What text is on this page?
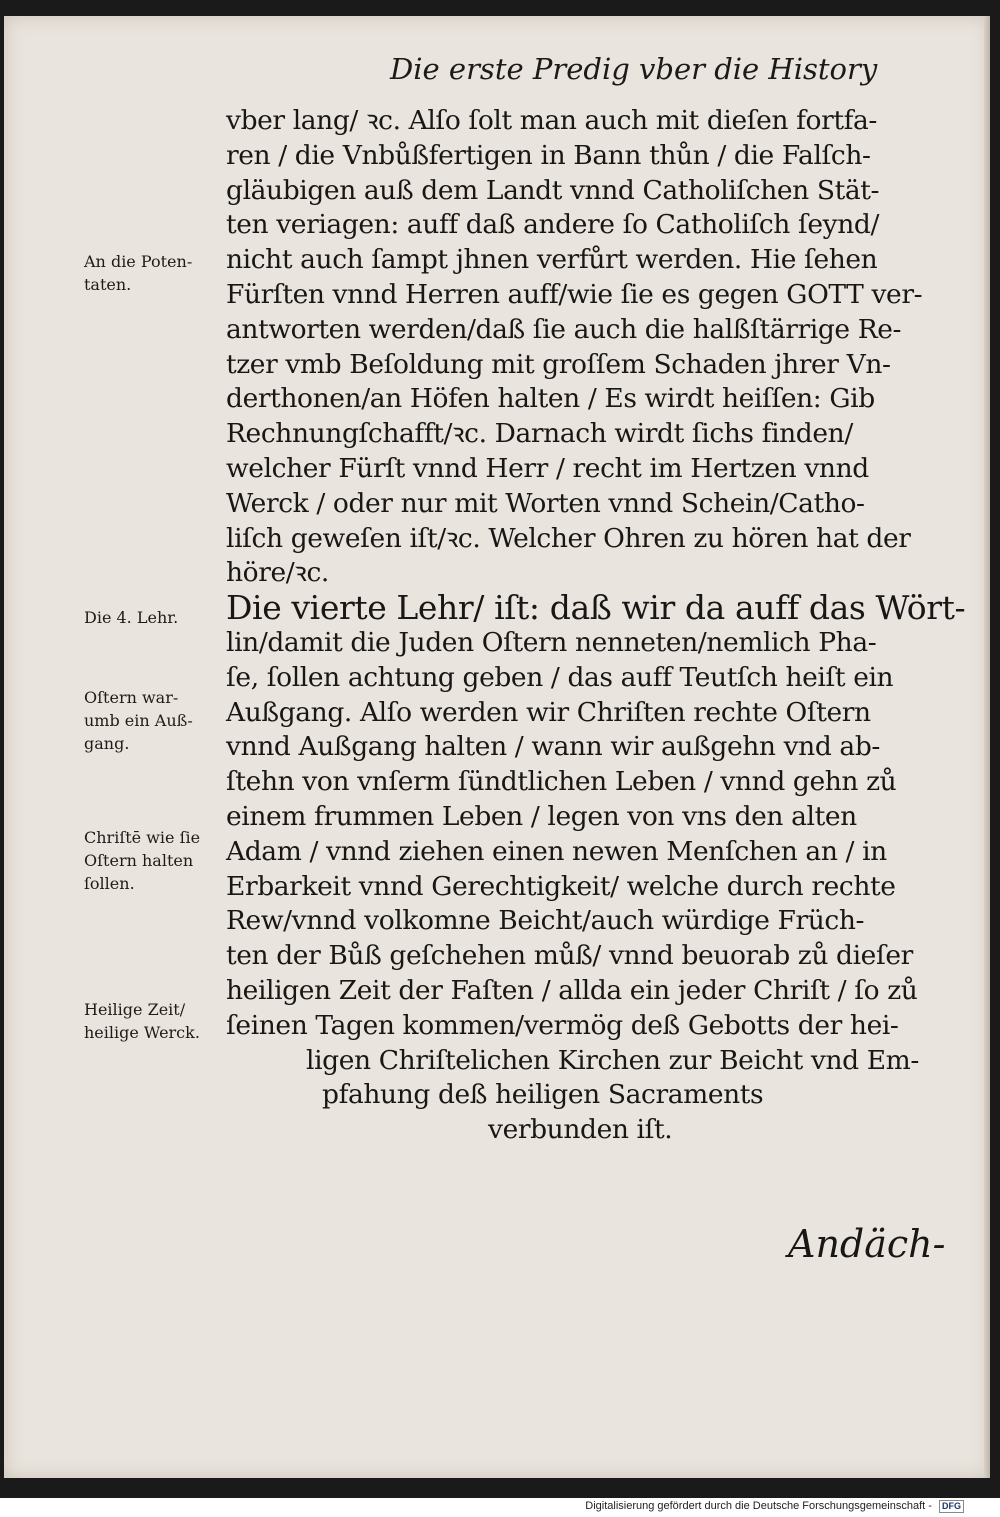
Die erste Predig vber die History
vber lang/ ꝛc. Alſo ſolt man auch mit dieſen fortfa-
ren / die Vnbůßfertigen in Bann thůn / die Falſch-
gläubigen auß dem Landt vnnd Catholiſchen Stät-
ten veriagen: auff daß andere ſo Catholiſch ſeynd/
nicht auch ſampt jhnen verfůrt werden. Hie ſehen
Fürſten vnnd Herren auff/wie ſie es gegen GOTT ver-
antworten werden/daß ſie auch die halßſtärrige Re-
tzer vmb Beſoldung mit groſſem Schaden jhrer Vn-
derthonen/an Höfen halten / Es wirdt heiſſen: Gib
Rechnungſchafft/ꝛc. Darnach wirdt ſichs finden/
welcher Fürſt vnnd Herr / recht im Hertzen vnnd
Werck / oder nur mit Worten vnnd Schein/Catho-
liſch geweſen iſt/ꝛc. Welcher Ohren zu hören hat der
höre/ꝛc.
Die vierte Lehr/ iſt: daß wir da auff das Wört-
lin/damit die Juden Oſtern nenneten/nemlich Pha-
ſe, ſollen achtung geben / das auff Teutſch heiſt ein
Außgang. Alſo werden wir Chriſten rechte Oſtern
vnnd Außgang halten / wann wir außgehn vnd ab-
ſtehn von vnſerm ſündtlichen Leben / vnnd gehn zů
einem frummen Leben / legen von vns den alten
Adam / vnnd ziehen einen newen Menſchen an / in
Erbarkeit vnnd Gerechtigkeit/ welche durch rechte
Rew/vnnd volkomne Beicht/auch würdige Früch-
ten der Bůß geſchehen můß/ vnnd beuorab zů dieſer
heiligen Zeit der Faſten / allda ein jeder Chriſt / ſo zů
ſeinen Tagen kommen/vermög deß Gebotts der hei-
ligen Chriſtelichen Kirchen zur Beicht vnd Em-
pfahung deß heiligen Sacraments
verbunden iſt.
An die Poten-
taten.
Die 4. Lehr.
Oſtern war-
umb ein Auß-
gang.
Chriſtē wie ſie
Oſtern halten
ſollen.
Heilige Zeit/
heilige Werck.
Andäch-
Digitalisierung gefördert durch die Deutsche Forschungsgemeinschaft - DFG
